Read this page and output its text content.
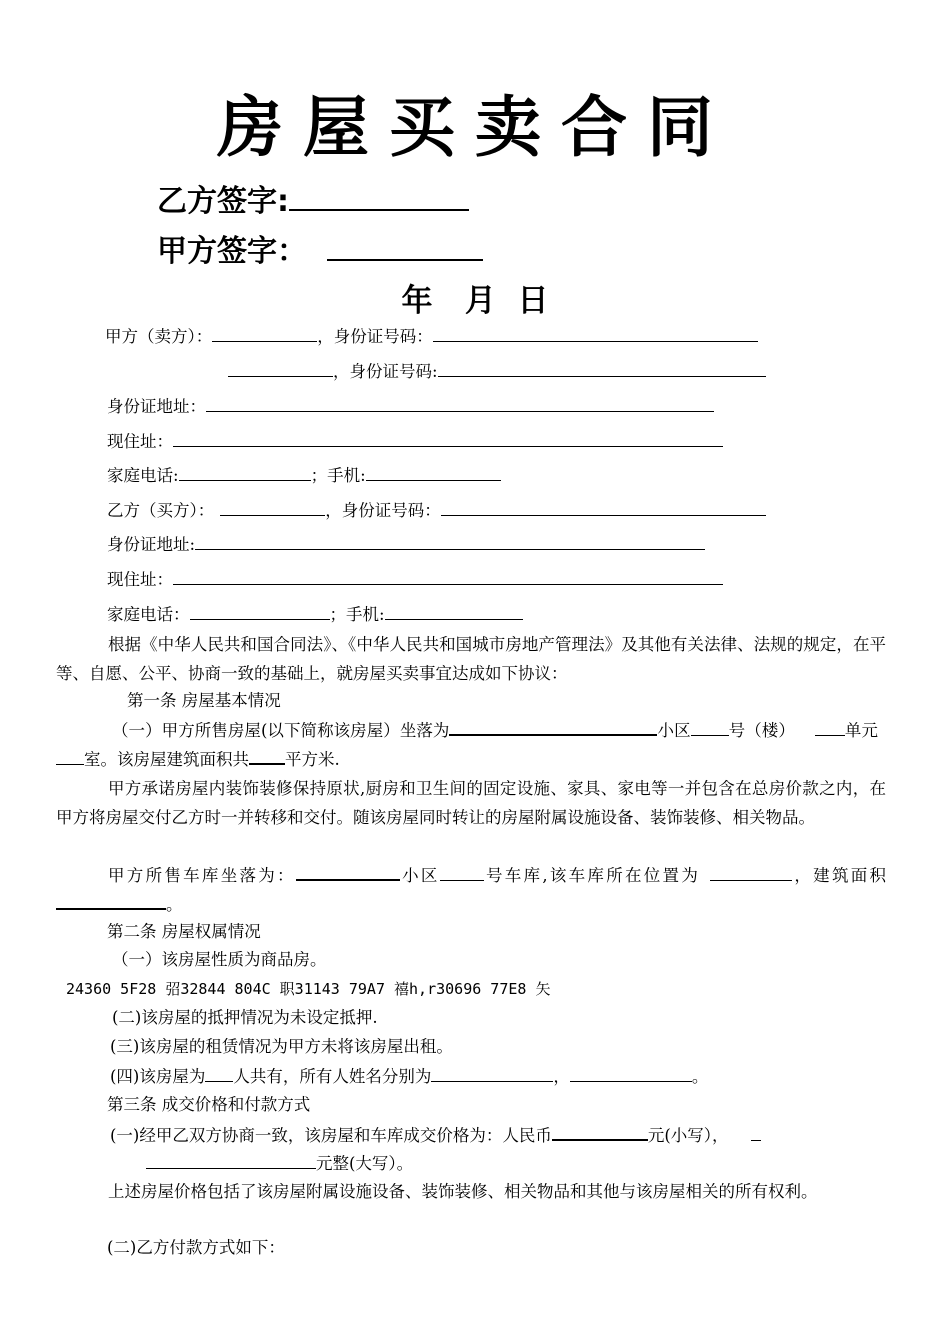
房屋买卖合同
乙方签字:
甲方签字：
年   月  日
甲方（卖方）：	，身份证号码：
，身份证号码:
身份证地址：
现住址：
家庭电话:	；手机:
乙方（买方）：	，身份证号码：
身份证地址:
现住址：
家庭电话：	；手机:
根据《中华人民共和国合同法》、《中华人民共和国城市房地产管理法》及其他有关法律、法规的规定，在平等、自愿、公平、协商一致的基础上，就房屋买卖事宜达成如下协议：
第一条 房屋基本情况
（一）甲方所售房屋(以下简称该房屋）坐落为	小区 号（楼）	单元室。该房屋建筑面积共 平方米.
甲方承诺房屋内装饰装修保持原状,厨房和卫生间的固定设施、家具、家电等一并包含在总房价款之内，在甲方将房屋交付乙方时一并转移和交付。随该房屋同时转让的房屋附属设施设备、装饰装修、相关物品。
甲方所售车库坐落为：	小区	号车库,该车库所在位置为	，建筑面积。
第二条 房屋权属情况
（一）该房屋性质为商品房。
24360 5F28 弨32844 804C 职31143 79A7 禧h,r30696 77E8 矢
(二)该房屋的抵押情况为未设定抵押.
(三)该房屋的租赁情况为甲方未将该房屋出租。
(四)该房屋为 人共有，所有人姓名分别为	，	。
第三条 成交价格和付款方式
(一)经甲乙双方协商一致，该房屋和车库成交价格为：人民币	元(小写），
元整(大写）。
上述房屋价格包括了该房屋附属设施设备、装饰装修、相关物品和其他与该房屋相关的所有权利。
(二)乙方付款方式如下：
